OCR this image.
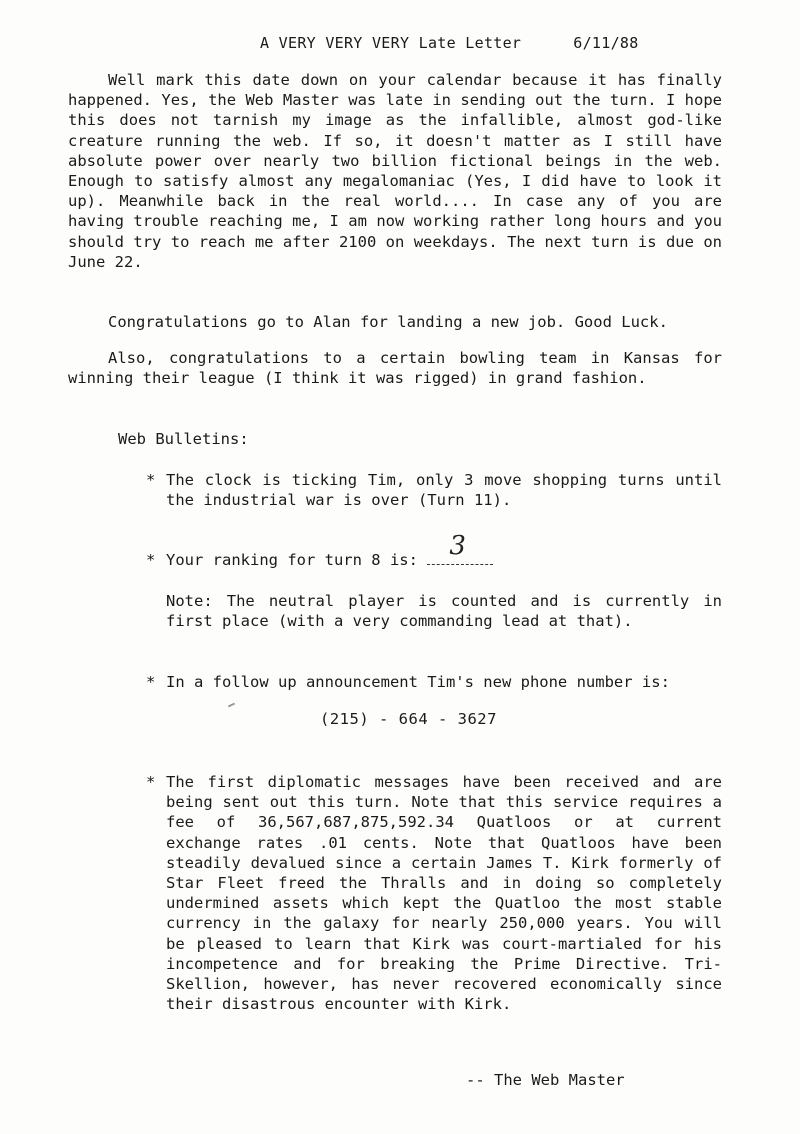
A VERY VERY VERY Late Letter	6/11/88

Well mark this date down on your calendar because it has finally happened. Yes, the Web Master was late in sending out the turn. I hope this does not tarnish my image as the infallible, almost god-like creature running the web. If so, it doesn't matter as I still have absolute power over nearly two billion fictional beings in the web. Enough to satisfy almost any megalomaniac (Yes, I did have to look it up). Meanwhile back in the real world.... In case any of you are having trouble reaching me, I am now working rather long hours and you should try to reach me after 2100 on weekdays. The next turn is due on June 22.

Congratulations go to Alan for landing a new job. Good Luck.

Also, congratulations to a certain bowling team in Kansas for winning their league (I think it was rigged) in grand fashion.

Web Bulletins:
* The clock is ticking Tim, only 3 move shopping turns until the industrial war is over (Turn 11).
* Your ranking for turn 8 is: 3

Note: The neutral player is counted and is currently in first place (with a very commanding lead at that).

* In a follow up announcement Tim's new phone number is:
(215) - 664 - 3627
* The first diplomatic messages have been received and are being sent out this turn. Note that this service requires a fee of 36,567,687,875,592.34 Quatloos or at current exchange rates .01 cents. Note that Quatloos have been steadily devalued since a certain James T. Kirk formerly of Star Fleet freed the Thralls and in doing so completely undermined assets which kept the Quatloo the most stable currency in the galaxy for nearly 250,000 years. You will be pleased to learn that Kirk was court-martialed for his incompetence and for breaking the Prime Directive. Tri-Skellion, however, has never recovered economically since their disastrous encounter with Kirk.
-- The Web Master
